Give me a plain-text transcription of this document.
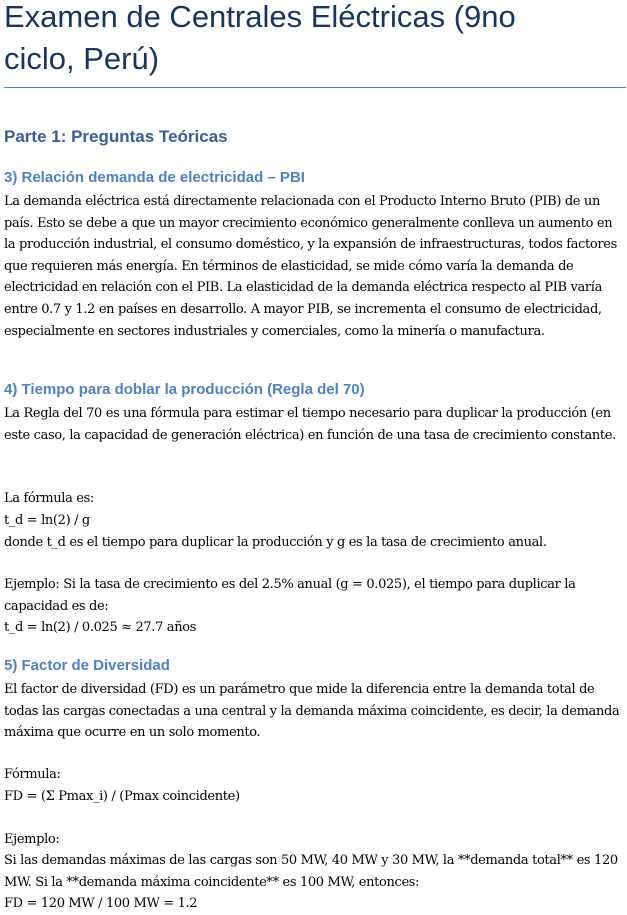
Examen de Centrales Eléctricas (9no
ciclo, Perú)
Parte 1: Preguntas Teóricas
3) Relación demanda de electricidad – PBI

La demanda eléctrica está directamente relacionada con el Producto Interno Bruto (PIB) de un país. Esto se debe a que un mayor crecimiento económico generalmente conlleva un aumento en la producción industrial, el consumo doméstico, y la expansión de infraestructuras, todos factores que requieren más energía. En términos de elasticidad, se mide cómo varía la demanda de electricidad en relación con el PIB. La elasticidad de la demanda eléctrica respecto al PIB varía entre 0.7 y 1.2 en países en desarrollo. A mayor PIB, se incrementa el consumo de electricidad, especialmente en sectores industriales y comerciales, como la minería o manufactura.

4) Tiempo para doblar la producción (Regla del 70)

La Regla del 70 es una fórmula para estimar el tiempo necesario para duplicar la producción (en este caso, la capacidad de generación eléctrica) en función de una tasa de crecimiento constante.

La fórmula es:

t_d = ln(2) / g

donde t_d es el tiempo para duplicar la producción y g es la tasa de crecimiento anual.

Ejemplo: Si la tasa de crecimiento es del 2.5% anual (g = 0.025), el tiempo para duplicar la capacidad es de:

t_d = ln(2) / 0.025 ≈ 27.7 años

5) Factor de Diversidad

El factor de diversidad (FD) es un parámetro que mide la diferencia entre la demanda total de todas las cargas conectadas a una central y la demanda máxima coincidente, es decir, la demanda máxima que ocurre en un solo momento.

Fórmula:

FD = (Σ Pmax_i) / (Pmax coincidente)

Ejemplo:

Si las demandas máximas de las cargas son 50 MW, 40 MW y 30 MW, la **demanda total** es 120 MW. Si la **demanda máxima coincidente** es 100 MW, entonces:

FD = 120 MW / 100 MW = 1.2
